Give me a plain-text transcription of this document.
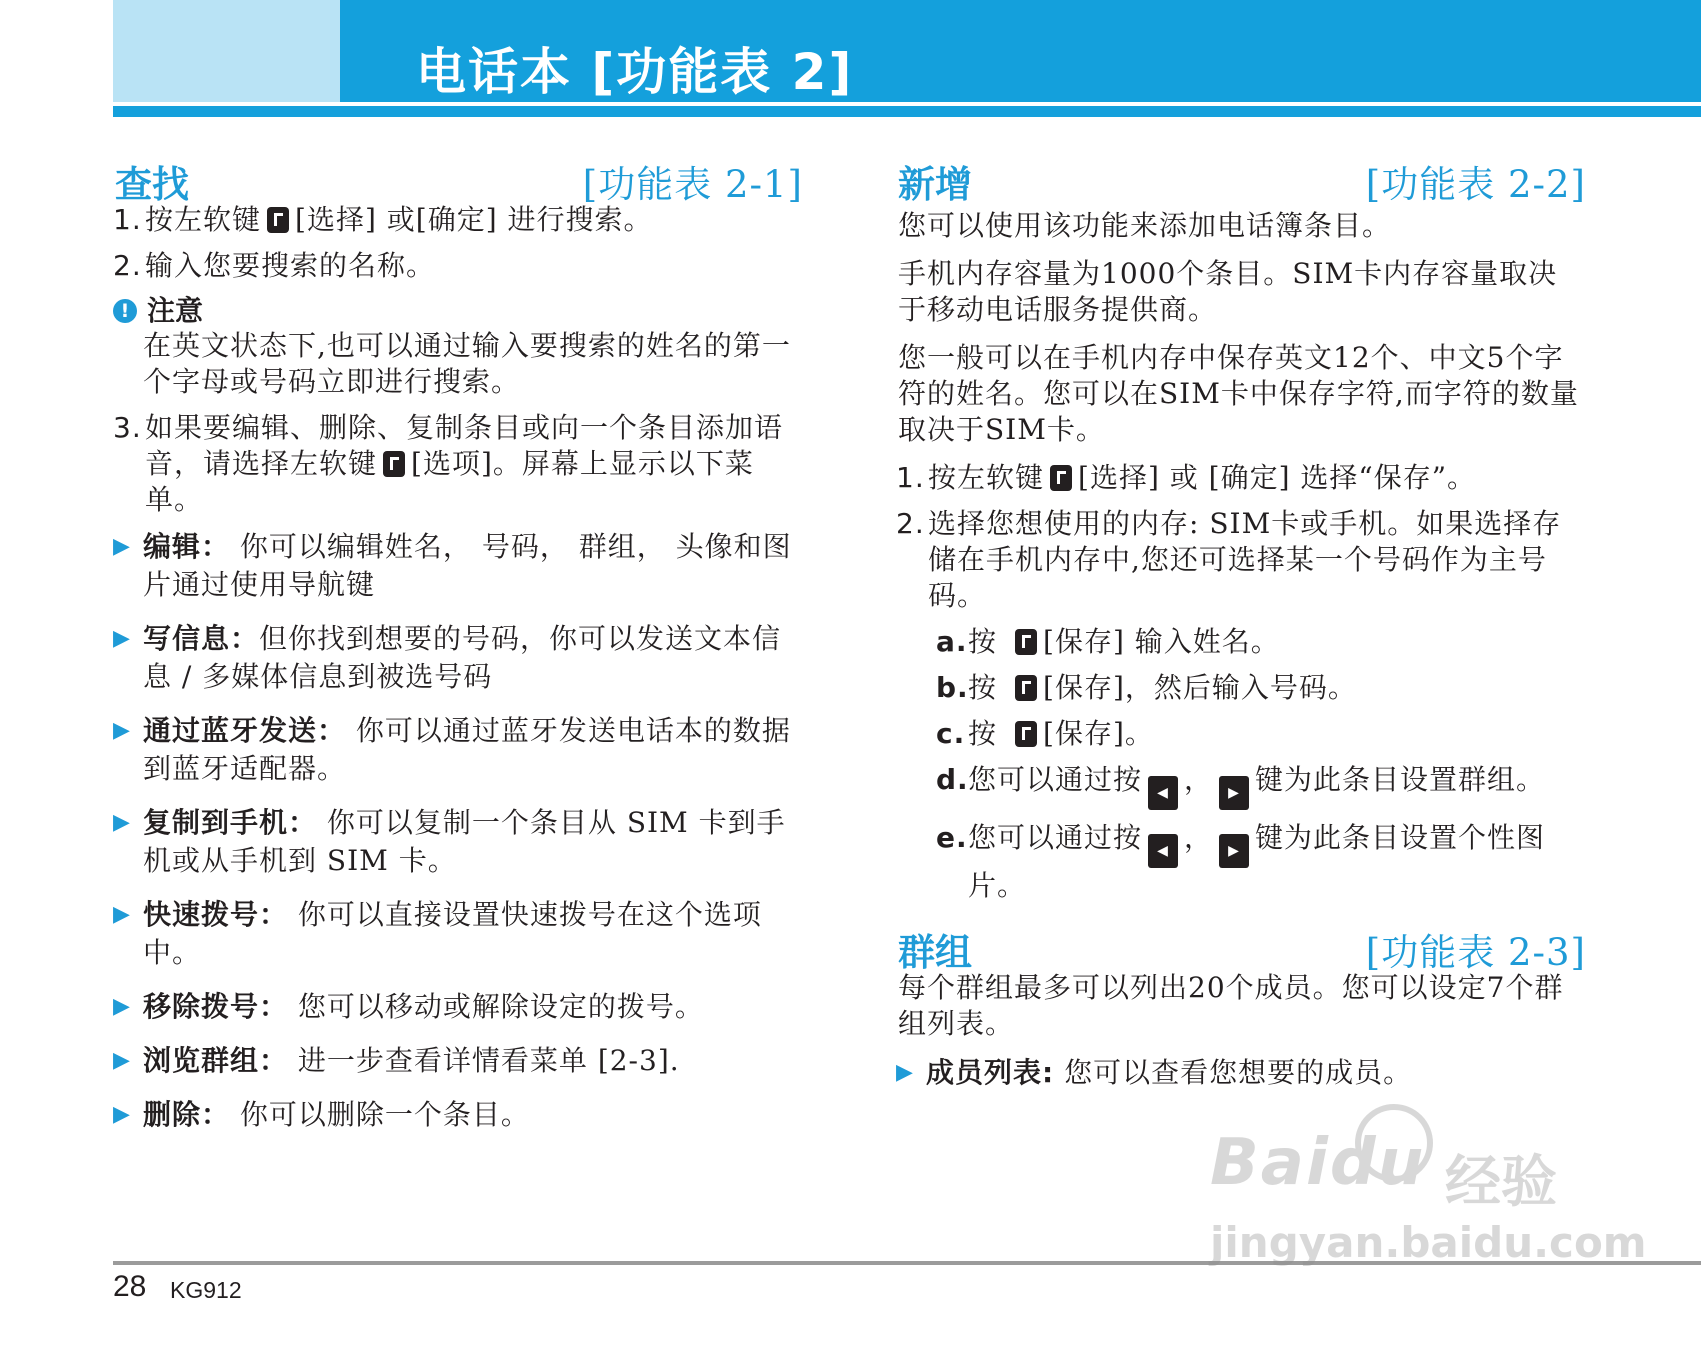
电话本 [功能表 2]
查找	[功能表 2-1]
1. 按左软键 [选择] 或[确定] 进行搜索。
2. 输入您要搜索的名称。
! 注意
在英文状态下,也可以通过输入要搜索的姓名的第一个字母或号码立即进行搜索。
3. 如果要编辑、删除、复制条目或向一个条目添加语音，请选择左软键 [选项]。屏幕上显示以下菜单。
▶ 编辑： 你可以编辑姓名， 号码， 群组， 头像和图片通过使用导航键
▶ 写信息：但你找到想要的号码，你可以发送文本信息 / 多媒体信息到被选号码
▶ 通过蓝牙发送： 你可以通过蓝牙发送电话本的数据到蓝牙适配器。
▶ 复制到手机： 你可以复制一个条目从 SIM 卡到手机或从手机到 SIM 卡。
▶ 快速拨号： 你可以直接设置快速拨号在这个选项中。
▶ 移除拨号： 您可以移动或解除设定的拨号。
▶ 浏览群组： 进一步查看详情看菜单 [2-3].
▶ 删除： 你可以删除一个条目。
新增	[功能表 2-2]
您可以使用该功能来添加电话簿条目。
手机内存容量为1000个条目。SIM卡内存容量取决于移动电话服务提供商。
您一般可以在手机内存中保存英文12个、中文5个字符的姓名。您可以在SIM卡中保存字符,而字符的数量取决于SIM卡。
1. 按左软键 [选择] 或 [确定] 选择“保存”。
2. 选择您想使用的内存: SIM卡或手机。如果选择存储在手机内存中,您还可选择某一个号码作为主号码。
a. 按 [保存] 输入姓名。
b. 按 [保存]，然后输入号码。
c. 按 [保存]。
d. 您可以通过按 ◀ ， ▶ 键为此条目设置群组。
e. 您可以通过按 ◀ ， ▶ 键为此条目设置个性图片。
群组	[功能表 2-3]
每个群组最多可以列出20个成员。您可以设定7个群组列表。
▶ 成员列表: 您可以查看您想要的成员。
28 KG912
Baidu 经验
jingyan.baidu.com
